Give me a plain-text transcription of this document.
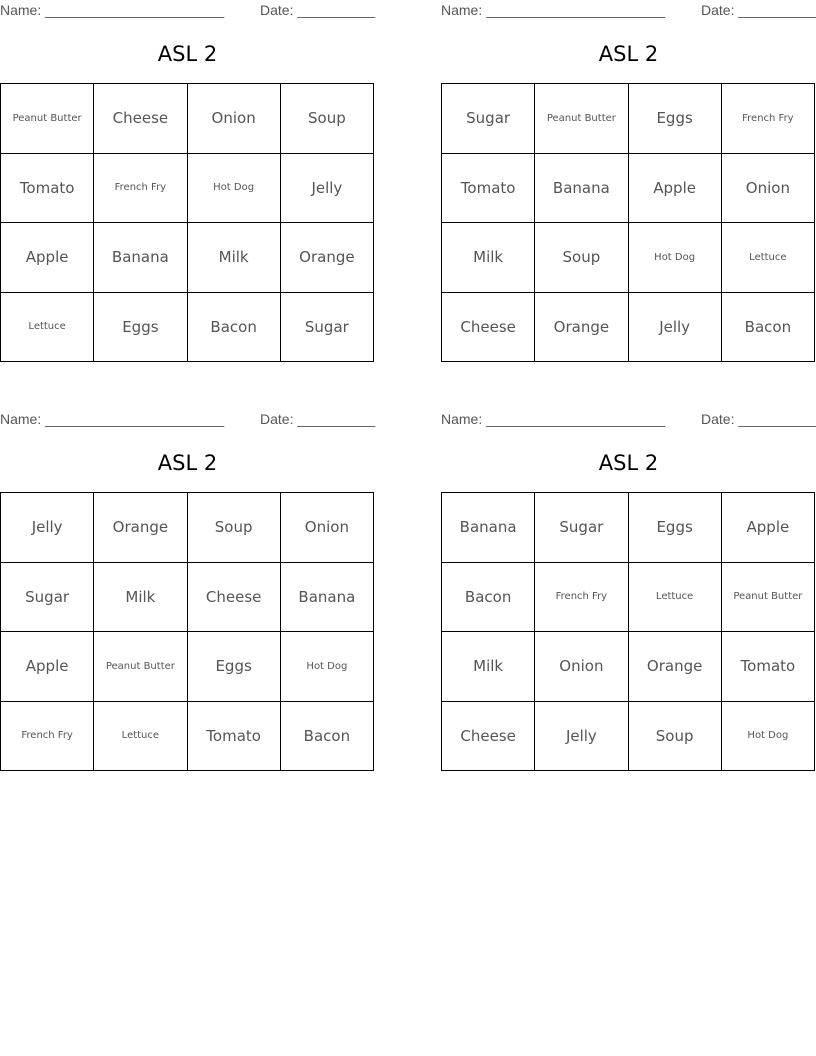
Name: _______________________	Date: __________
ASL 2
Peanut Butter	Cheese	Onion	Soup
Tomato	French Fry	Hot Dog	Jelly
Apple	Banana	Milk	Orange
Lettuce	Eggs	Bacon	Sugar
Name: _______________________	Date: __________
ASL 2
Sugar	Peanut Butter	Eggs	French Fry
Tomato	Banana	Apple	Onion
Milk	Soup	Hot Dog	Lettuce
Cheese	Orange	Jelly	Bacon
Name: _______________________	Date: __________
ASL 2
Jelly	Orange	Soup	Onion
Sugar	Milk	Cheese	Banana
Apple	Peanut Butter	Eggs	Hot Dog
French Fry	Lettuce	Tomato	Bacon
Name: _______________________	Date: __________
ASL 2
Banana	Sugar	Eggs	Apple
Bacon	French Fry	Lettuce	Peanut Butter
Milk	Onion	Orange	Tomato
Cheese	Jelly	Soup	Hot Dog
